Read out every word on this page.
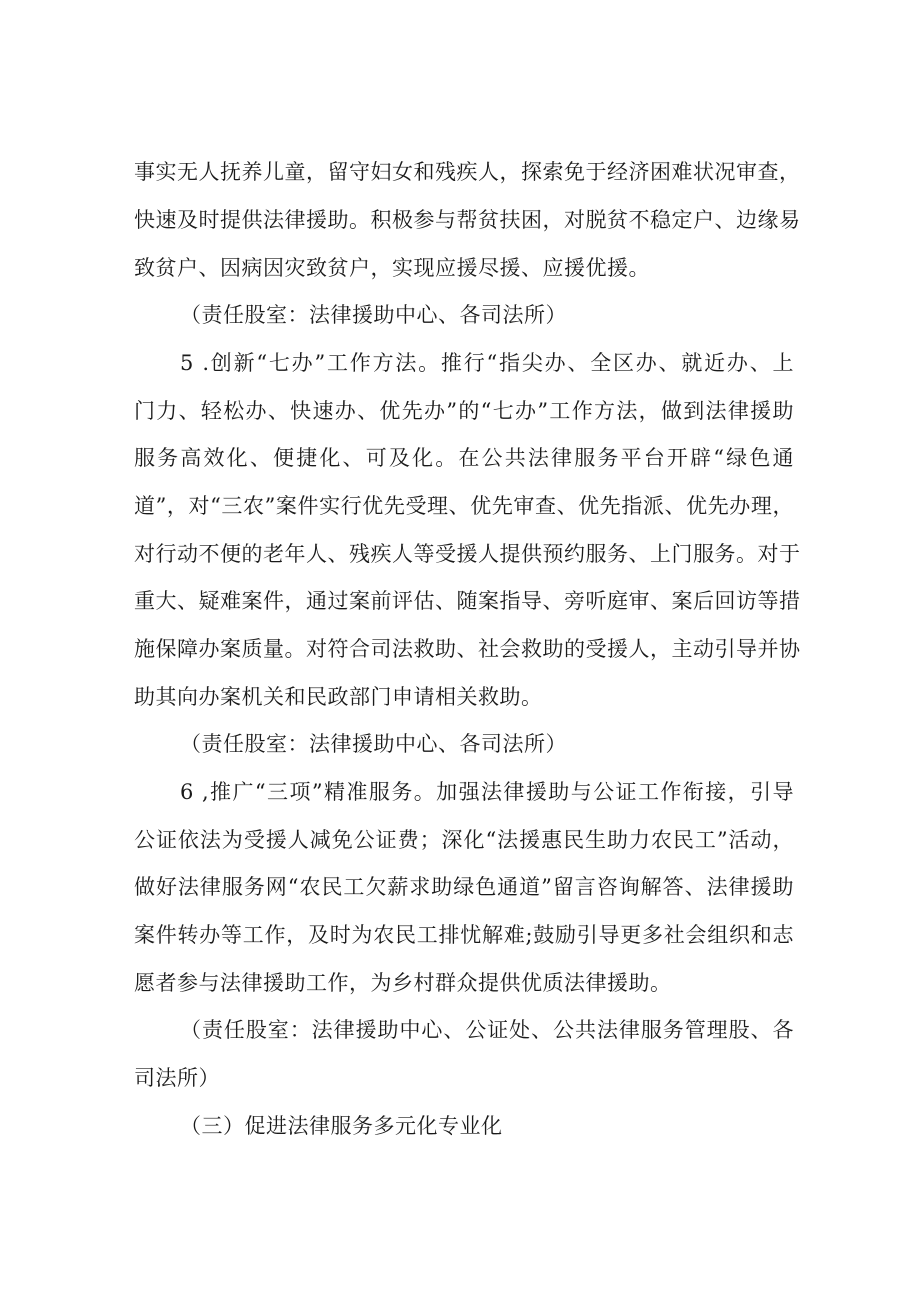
事实无人抚养儿童，留守妇女和残疾人，探索免于经济困难状况审查，
快速及时提供法律援助。积极参与帮贫扶困，对脱贫不稳定户、边缘易
致贫户、因病因灾致贫户，实现应援尽援、应援优援。
（责任股室：法律援助中心、各司法所）
5 .创新“七办”工作方法。推行“指尖办、全区办、就近办、上
门力、轻松办、快速办、优先办”的“七办”工作方法，做到法律援助
服务高效化、便捷化、可及化。在公共法律服务平台开辟“绿色通
道”，对“三农”案件实行优先受理、优先审查、优先指派、优先办理，
对行动不便的老年人、残疾人等受援人提供预约服务、上门服务。对于
重大、疑难案件，通过案前评估、随案指导、旁听庭审、案后回访等措
施保障办案质量。对符合司法救助、社会救助的受援人，主动引导并协
助其向办案机关和民政部门申请相关救助。
（责任股室：法律援助中心、各司法所）
6 ,推广“三项”精准服务。加强法律援助与公证工作衔接，引导
公证依法为受援人减免公证费；深化“法援惠民生助力农民工”活动，
做好法律服务网“农民工欠薪求助绿色通道”留言咨询解答、法律援助
案件转办等工作，及时为农民工排忧解难;鼓励引导更多社会组织和志
愿者参与法律援助工作，为乡村群众提供优质法律援助。
（责任股室：法律援助中心、公证处、公共法律服务管理股、各
司法所）
（三）促进法律服务多元化专业化
